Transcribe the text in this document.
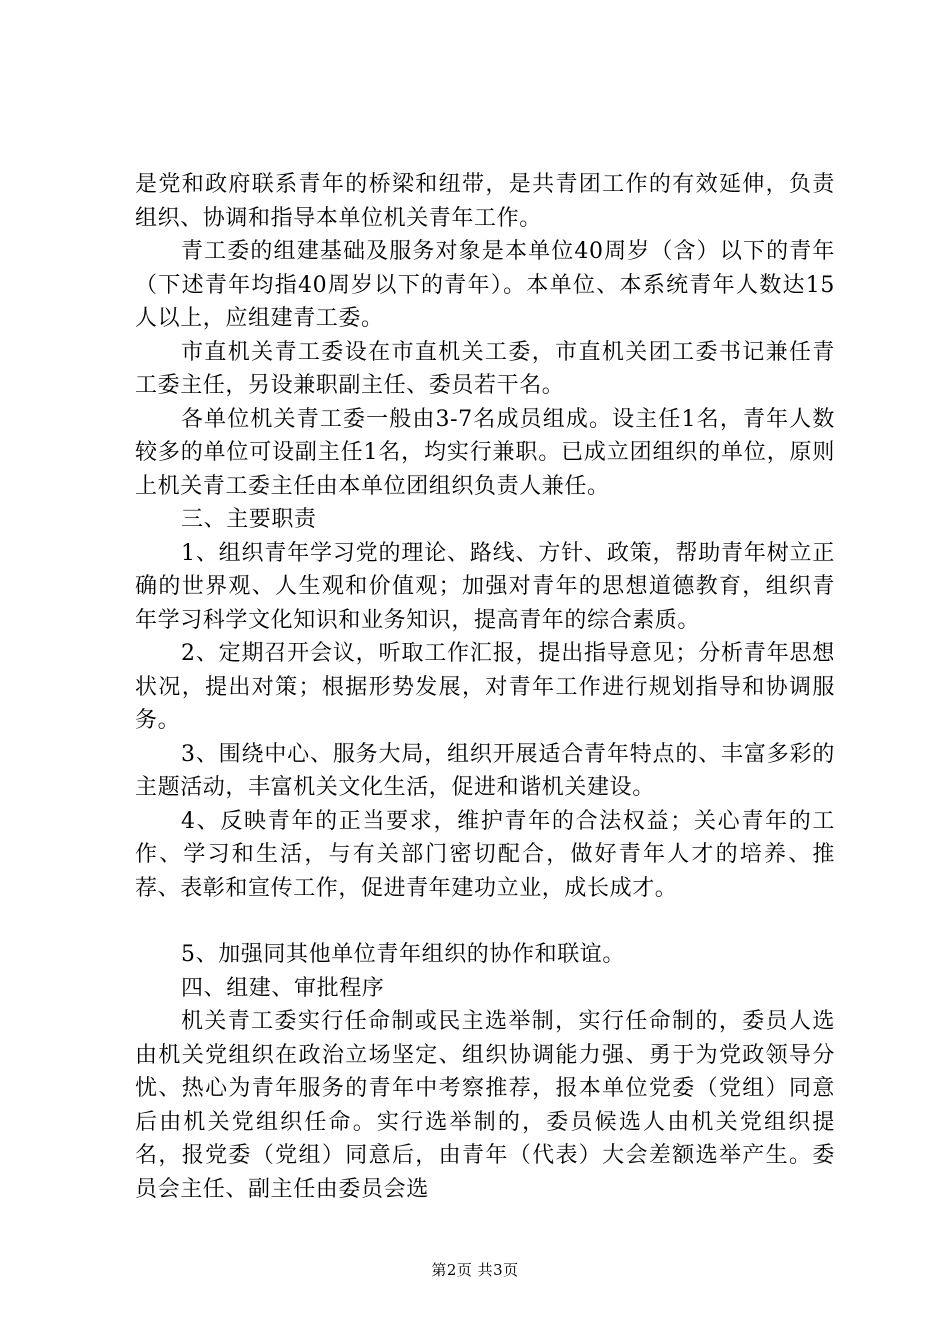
是党和政府联系青年的桥梁和纽带，是共青团工作的有效延伸，负责组织、协调和指导本单位机关青年工作。

青工委的组建基础及服务对象是本单位40周岁（含）以下的青年（下述青年均指40周岁以下的青年）。本单位、本系统青年人数达15人以上，应组建青工委。

市直机关青工委设在市直机关工委，市直机关团工委书记兼任青工委主任，另设兼职副主任、委员若干名。

各单位机关青工委一般由3-7名成员组成。设主任1名，青年人数较多的单位可设副主任1名，均实行兼职。已成立团组织的单位，原则上机关青工委主任由本单位团组织负责人兼任。

三、主要职责

1、组织青年学习党的理论、路线、方针、政策，帮助青年树立正确的世界观、人生观和价值观；加强对青年的思想道德教育，组织青年学习科学文化知识和业务知识，提高青年的综合素质。

2、定期召开会议，听取工作汇报，提出指导意见；分析青年思想状况，提出对策；根据形势发展，对青年工作进行规划指导和协调服务。

3、围绕中心、服务大局，组织开展适合青年特点的、丰富多彩的主题活动，丰富机关文化生活，促进和谐机关建设。

4、反映青年的正当要求，维护青年的合法权益；关心青年的工作、学习和生活，与有关部门密切配合，做好青年人才的培养、推荐、表彰和宣传工作，促进青年建功立业，成长成才。

5、加强同其他单位青年组织的协作和联谊。

四、组建、审批程序

机关青工委实行任命制或民主选举制，实行任命制的，委员人选由机关党组织在政治立场坚定、组织协调能力强、勇于为党政领导分忧、热心为青年服务的青年中考察推荐，报本单位党委（党组）同意后由机关党组织任命。实行选举制的，委员候选人由机关党组织提名，报党委（党组）同意后，由青年（代表）大会差额选举产生。委员会主任、副主任由委员会选

第2页 共3页
